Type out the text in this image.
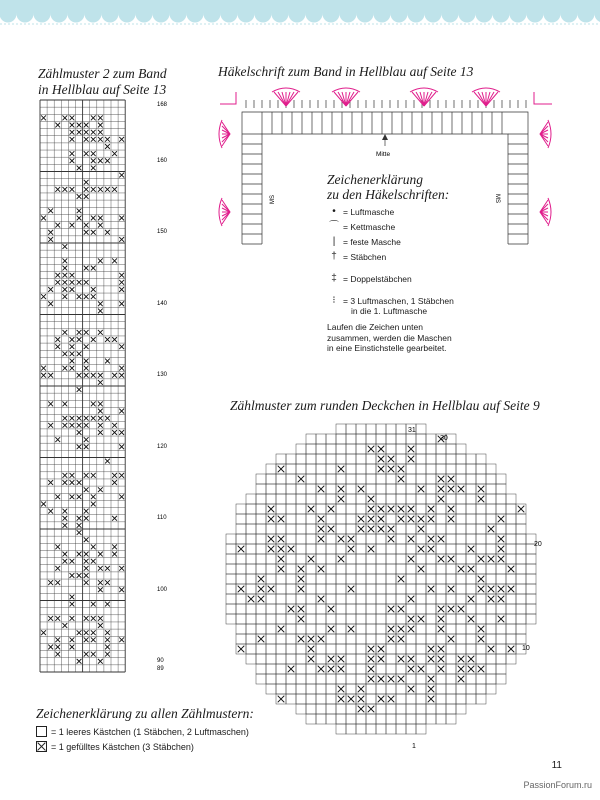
Zählmuster 2 zum Band
in Hellblau auf Seite 13
168
160
150
140
130
120
110
100
90
89
Häkelschrift zum Band in Hellblau auf Seite 13
Mitte
MS	MS
Zeichenerklärung
zu den Häkelschriften:
• = Luftmasche
⌒ = Kettmasche
| = feste Masche
† = Stäbchen
‡ = Doppelstäbchen
⁝ = 3 Luftmaschen, 1 Stäbchen
in die 1. Luftmasche
Laufen die Zeichen unten
zusammen, werden die Maschen
in eine Einstichstelle gearbeitet.
Zählmuster zum runden Deckchen in Hellblau auf Seite 9
31
30
20
10
1
Zeichenerklärung zu allen Zählmustern:
= 1 leeres Kästchen (1 Stäbchen, 2 Luftmaschen)
= 1 gefülltes Kästchen (3 Stäbchen)
11
PassionForum.ru
